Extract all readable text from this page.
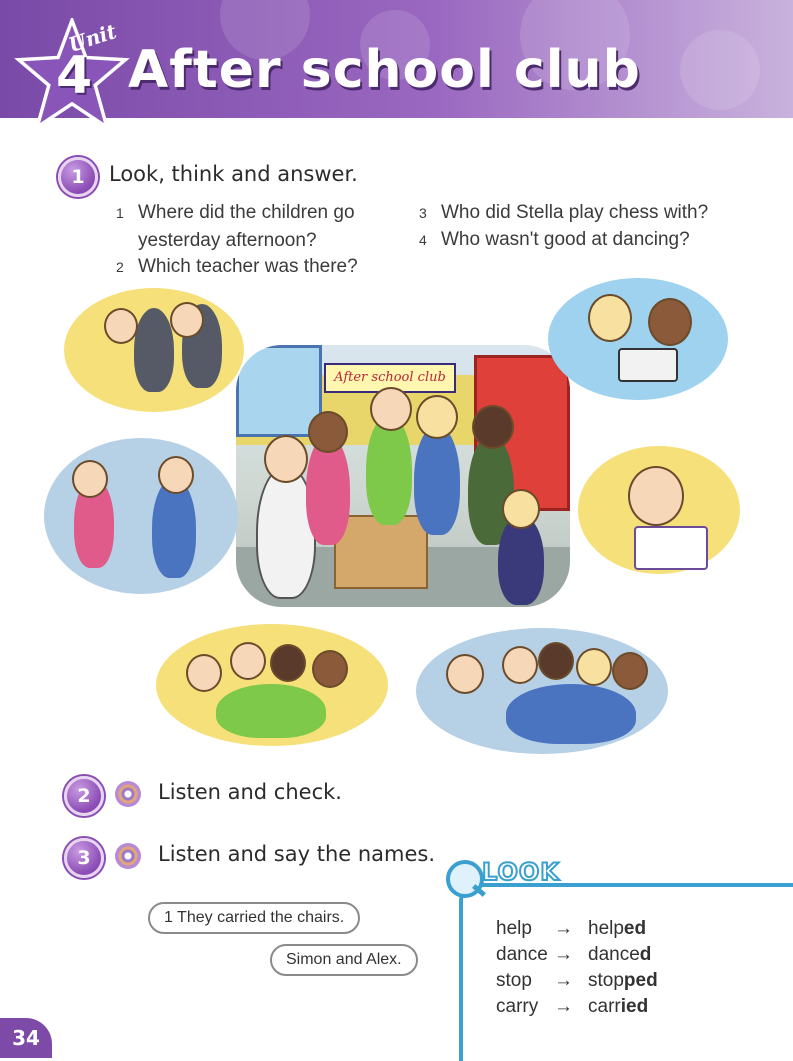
Unit
4 After school club
1	Look, think and answer.
1 Where did the children go
yesterday afternoon?
2 Which teacher was there?
3 Who did Stella play chess with?
4 Who wasn't good at dancing?
After school club
2	Listen and check.
3	Listen and say the names.
1 They carried the chairs.
Simon and Alex.
LOOK
help	→ helped
dance → danced
stop	→ stopped
carry → carried
34
